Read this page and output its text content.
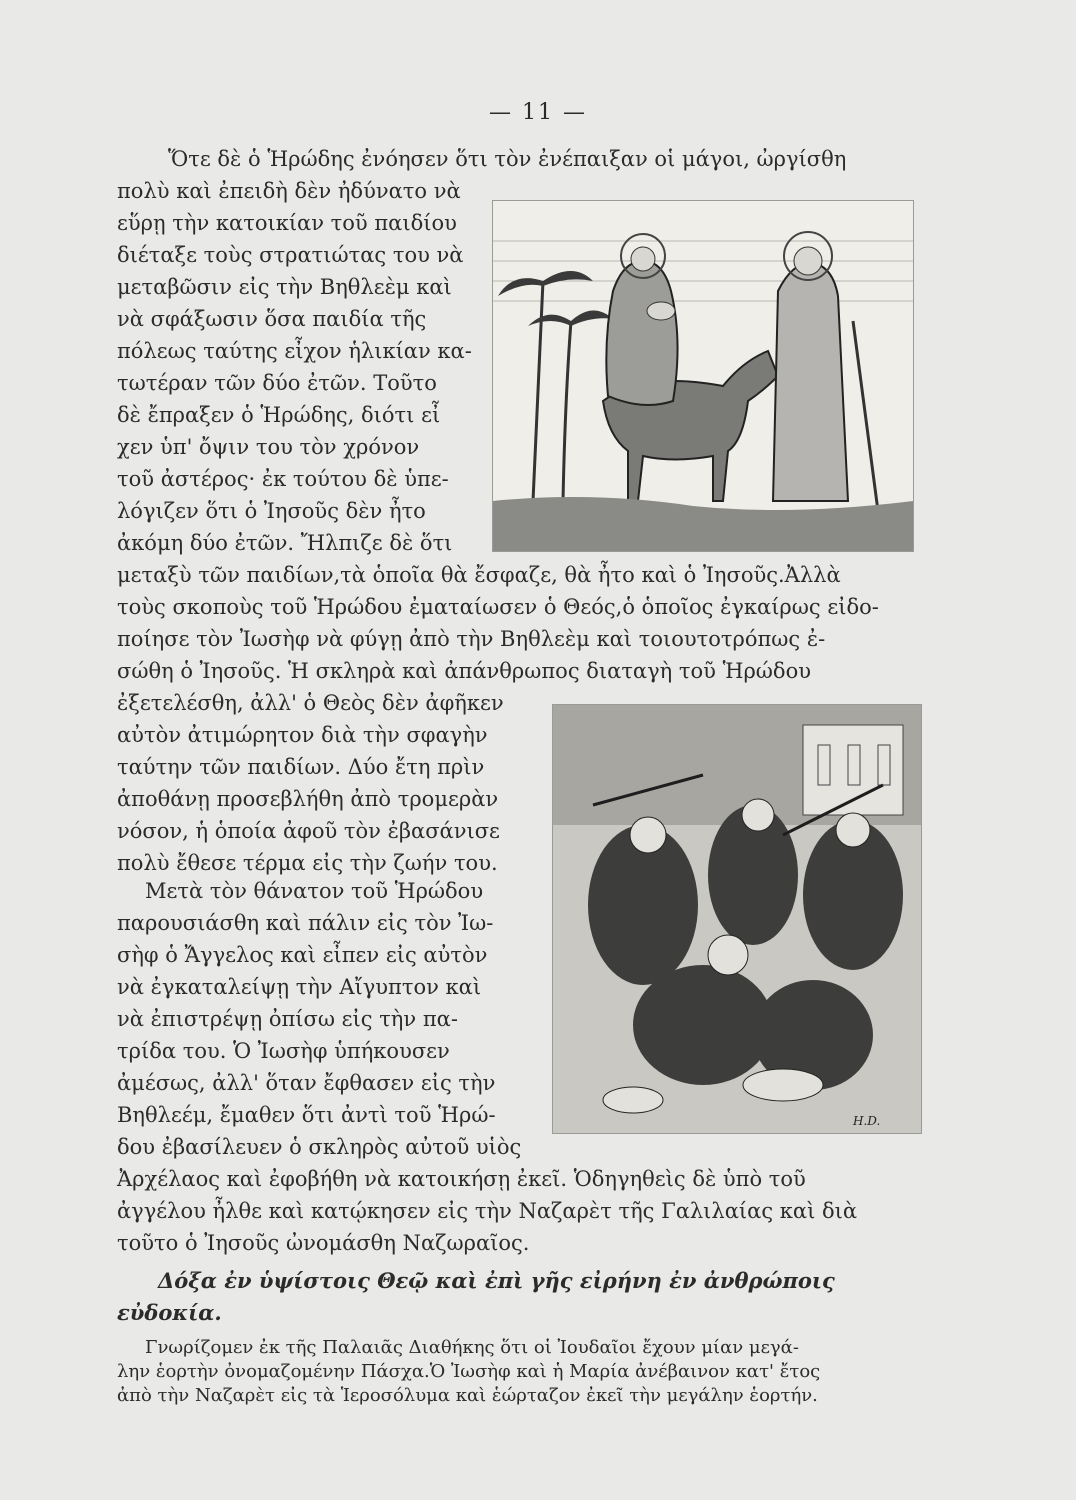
— 11 —
Ὅτε δὲ ὁ Ἡρώδης ἐνόησεν ὅτι τὸν ἐνέπαιξαν οἱ μάγοι, ὠργίσθη
πολὺ καὶ ἐπειδὴ δὲν ἠδύνατο νὰ
εὕρῃ τὴν κατοικίαν τοῦ παιδίου
διέταξε τοὺς στρατιώτας του νὰ
μεταβῶσιν εἰς τὴν Βηθλεὲμ καὶ
νὰ σφάξωσιν ὅσα παιδία τῆς
πόλεως ταύτης εἶχον ἡλικίαν κα-
τωτέραν τῶν δύο ἐτῶν. Τοῦτο
δὲ ἔπραξεν ὁ Ἡρώδης, διότι εἶ
χεν ὑπ' ὄψιν του τὸν χρόνον
τοῦ ἀστέρος· ἐκ τούτου δὲ ὑπε-
λόγιζεν ὅτι ὁ Ἰησοῦς δὲν ἦτο
ἀκόμη δύο ἐτῶν. Ἤλπιζε δὲ ὅτι
μεταξὺ τῶν παιδίων,τὰ ὁποῖα θὰ ἔσφαζε, θὰ ἦτο καὶ ὁ Ἰησοῦς.Ἀλλὰ
τοὺς σκοποὺς τοῦ Ἡρώδου ἐματαίωσεν ὁ Θεός,ὁ ὁποῖος ἐγκαίρως εἰδο-
ποίησε τὸν Ἰωσὴφ νὰ φύγῃ ἀπὸ τὴν Βηθλεὲμ καὶ τοιουτοτρόπως ἐ-
σώθη ὁ Ἰησοῦς. Ἡ σκληρὰ καὶ ἀπάνθρωπος διαταγὴ τοῦ Ἡρώδου
ἐξετελέσθη, ἀλλ' ὁ Θεὸς δὲν ἀφῆκεν
αὐτὸν ἀτιμώρητον διὰ τὴν σφαγὴν
ταύτην τῶν παιδίων. Δύο ἔτη πρὶν
ἀποθάνῃ προσεβλήθη ἀπὸ τρομερὰν
νόσον, ἡ ὁποία ἀφοῦ τὸν ἐβασάνισε
πολὺ ἔθεσε τέρμα εἰς τὴν ζωήν του.
Μετὰ τὸν θάνατον τοῦ Ἡρώδου
παρουσιάσθη καὶ πάλιν εἰς τὸν Ἰω-
σὴφ ὁ Ἄγγελος καὶ εἶπεν εἰς αὐτὸν
νὰ ἐγκαταλείψῃ τὴν Αἴγυπτον καὶ
νὰ ἐπιστρέψῃ ὀπίσω εἰς τὴν πα-
τρίδα του. Ὁ Ἰωσὴφ ὑπήκουσεν
ἀμέσως, ἀλλ' ὅταν ἔφθασεν εἰς τὴν
Βηθλεέμ, ἔμαθεν ὅτι ἀντὶ τοῦ Ἡρώ-
δου ἐβασίλευεν ὁ σκληρὸς αὐτοῦ υἱὸς
Ἀρχέλαος καὶ ἐφοβήθη νὰ κατοικήσῃ ἐκεῖ. Ὁδηγηθεὶς δὲ ὑπὸ τοῦ
ἀγγέλου ἦλθε καὶ κατῴκησεν εἰς τὴν Ναζαρὲτ τῆς Γαλιλαίας καὶ διὰ
τοῦτο ὁ Ἰησοῦς ὠνομάσθη Ναζωραῖος.
Δόξα ἐν ὑψίστοις Θεῷ καὶ ἐπὶ γῆς εἰρήνη ἐν ἀνθρώποις
εὐδοκία.
Γνωρίζομεν ἐκ τῆς Παλαιᾶς Διαθήκης ὅτι οἱ Ἰουδαῖοι ἔχουν μίαν μεγά-
λην ἑορτὴν ὀνομαζομένην Πάσχα.Ὁ Ἰωσὴφ καὶ ἡ Μαρία ἀνέβαινον κατ' ἔτος
ἀπὸ τὴν Ναζαρὲτ εἰς τὰ Ἱεροσόλυμα καὶ ἑώρταζον ἐκεῖ τὴν μεγάλην ἑορτήν.
H.D.
